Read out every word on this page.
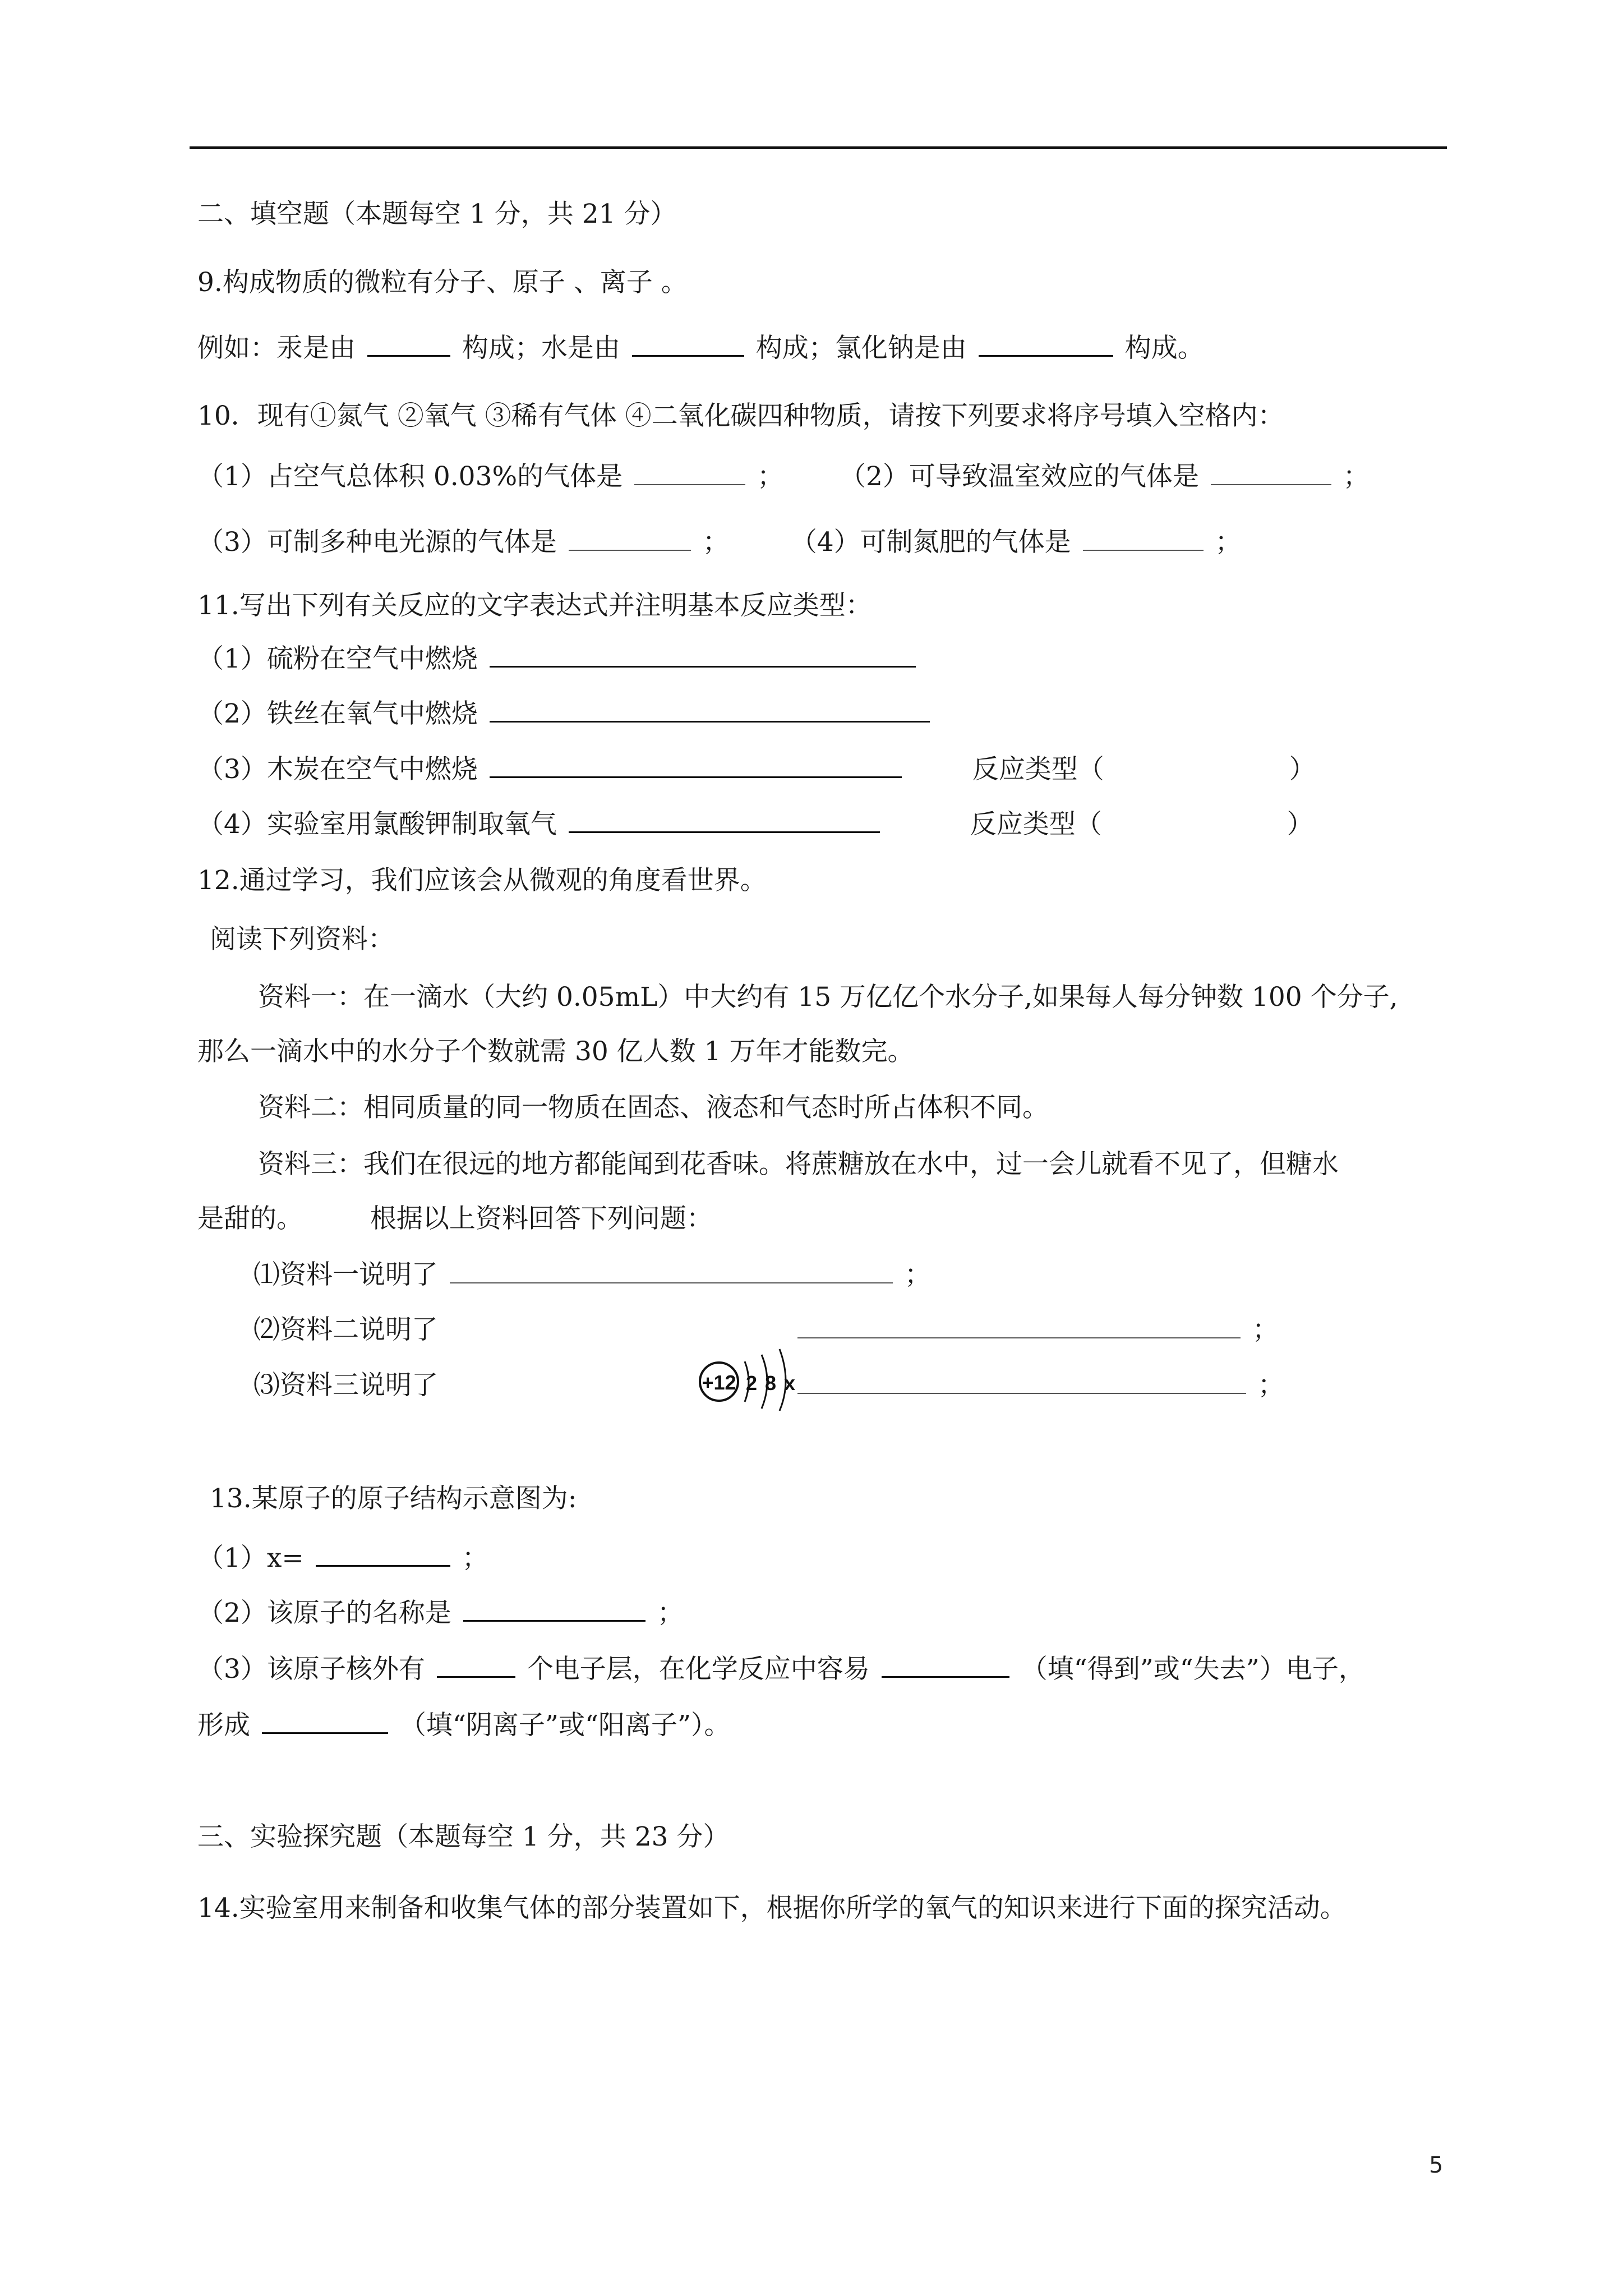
二、填空题（本题每空 1 分，共 21 分）
9.构成物质的微粒有分子、原子 、离子 。
例如：汞是由	构成；水是由	构成；氯化钠是由	构成。
10．现有①氮气 ②氧气 ③稀有气体 ④二氧化碳四种物质，请按下列要求将序号填入空格内：
（1）占空气总体积 0.03%的气体是	； （2）可导致温室效应的气体是	；
（3）可制多种电光源的气体是	； （4）可制氮肥的气体是	；
11.写出下列有关反应的文字表达式并注明基本反应类型：
（1）硫粉在空气中燃烧
（2）铁丝在氧气中燃烧
（3）木炭在空气中燃烧	反应类型（	）
（4）实验室用氯酸钾制取氧气	反应类型（	）
12.通过学习，我们应该会从微观的角度看世界。
阅读下列资料：
资料一：在一滴水（大约 0.05mL）中大约有 15 万亿亿个水分子,如果每人每分钟数 100 个分子,
那么一滴水中的水分子个数就需 30 亿人数 1 万年才能数完。
资料二：相同质量的同一物质在固态、液态和气态时所占体积不同。
资料三：我们在很远的地方都能闻到花香味。将蔗糖放在水中，过一会儿就看不见了，但糖水
是甜的。	根据以上资料回答下列问题：
⑴资料一说明了	；
⑵资料二说明了	；
⑶资料三说明了	；
+12 2 8 x
13.某原子的原子结构示意图为:
（1）x=	；
（2）该原子的名称是	；
（3）该原子核外有	个电子层，在化学反应中容易	（填“得到”或“失去”）电子，
形成	（填“阴离子”或“阳离子”）。
三、实验探究题（本题每空 1 分，共 23 分）
14.实验室用来制备和收集气体的部分装置如下，根据你所学的氧气的知识来进行下面的探究活动。
5
